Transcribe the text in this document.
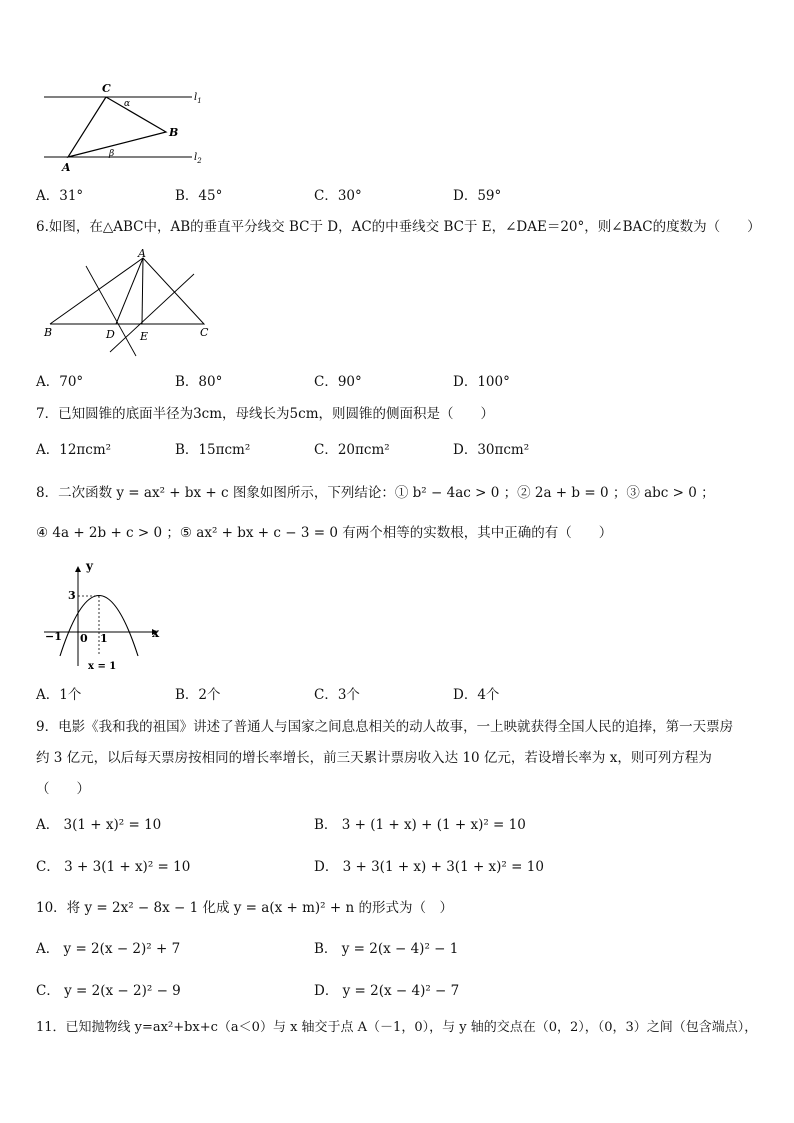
C
B
A
α
β
$l_1$
$l_2$
A．31°	B．45°	C．30°	D．59°
6.如图，在△ABC中，AB的垂直平分线交 BC于 D，AC的中垂线交 BC于 E，∠DAE＝20°，则∠BAC的度数为（　　）
A
B	C
D E
A．70°	B．80°	C．90°	D．100°
7．已知圆锥的底面半径为3cm，母线长为5cm，则圆锥的侧面积是（　　）
A．12πcm²	B．15πcm²	C．20πcm²	D．30πcm²
8．二次函数 y = ax² + bx + c 图象如图所示，下列结论：① b² − 4ac > 0 ；② 2a + b = 0 ；③ abc > 0 ；
④ 4a + 2b + c > 0 ；⑤ ax² + bx + c − 3 = 0 有两个相等的实数根，其中正确的有（　　）
y
x
3
−1 0 1
x = 1
A．1个	B．2个	C．3个	D．4个
9．电影《我和我的祖国》讲述了普通人与国家之间息息相关的动人故事，一上映就获得全国人民的追捧，第一天票房
约 3 亿元，以后每天票房按相同的增长率增长，前三天累计票房收入达 10 亿元，若设增长率为 x，则可列方程为
（　　）
A． 3(1 + x)² = 10	B． 3 + (1 + x) + (1 + x)² = 10
C． 3 + 3(1 + x)² = 10	D． 3 + 3(1 + x) + 3(1 + x)² = 10
10．将 y = 2x² − 8x − 1 化成 y = a(x + m)² + n 的形式为（　）
A． y = 2(x − 2)² + 7	B． y = 2(x − 4)² − 1
C． y = 2(x − 2)² − 9	D． y = 2(x − 4)² − 7
11．已知抛物线 y=ax²+bx+c（a＜0）与 x 轴交于点 A（－1，0），与 y 轴的交点在（0，2），（0，3）之间（包含端点），
